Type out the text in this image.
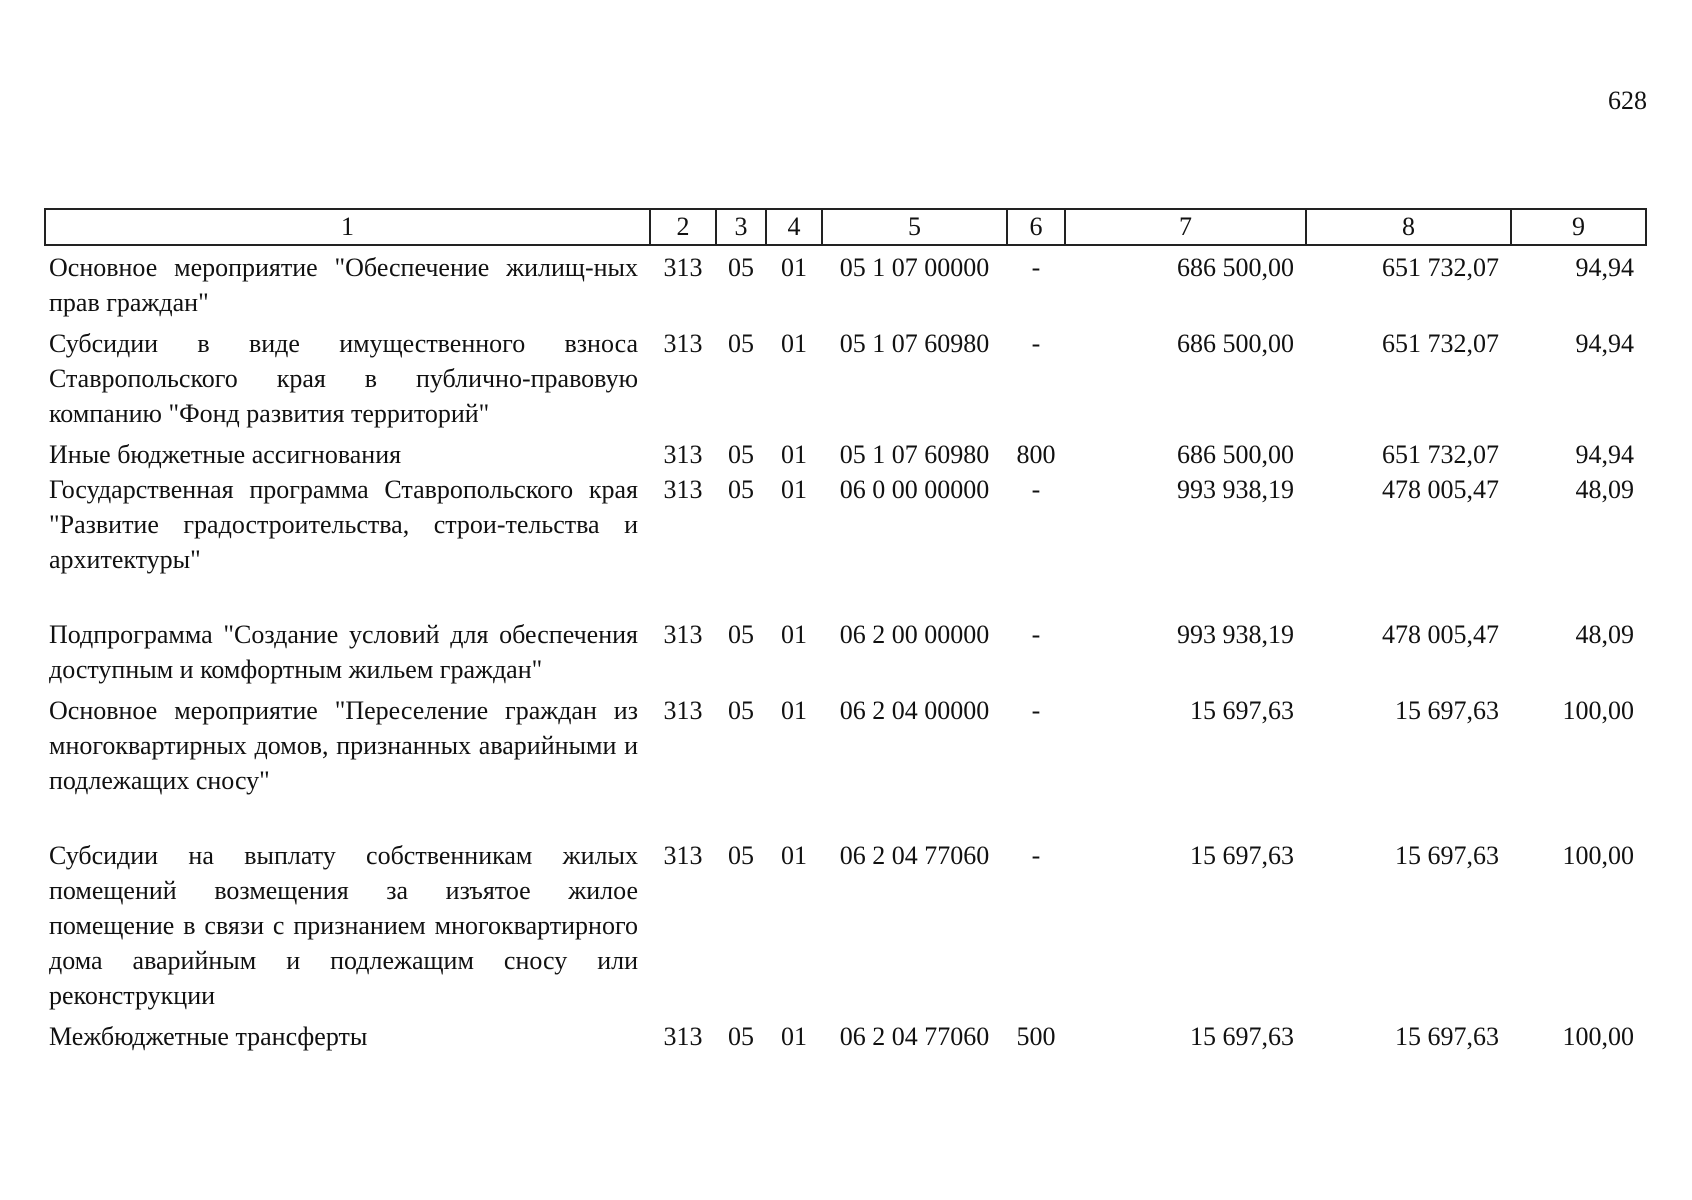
628
1	2	3	4	5	6	7	8	9
Основное мероприятие "Обеспечение жилищ-ных прав граждан"	313	05	01	05 1 07 00000	-	686 500,00	651 732,07	94,94
Субсидии в виде имущественного взноса Ставропольского края в публично-правовую компанию "Фонд развития территорий"	313	05	01	05 1 07 60980	-	686 500,00	651 732,07	94,94
Иные бюджетные ассигнования	313	05	01	05 1 07 60980	800	686 500,00	651 732,07	94,94
Государственная программа Ставропольского края "Развитие градостроительства, строи-тельства и архитектуры"	313	05	01	06 0 00 00000	-	993 938,19	478 005,47	48,09
Подпрограмма "Создание условий для обеспечения доступным и комфортным жильем граждан"	313	05	01	06 2 00 00000	-	993 938,19	478 005,47	48,09
Основное мероприятие "Переселение граждан из многоквартирных домов, признанных аварийными и подлежащих сносу"	313	05	01	06 2 04 00000	-	15 697,63	15 697,63	100,00
Субсидии на выплату собственникам жилых помещений возмещения за изъятое жилое помещение в связи с признанием многоквартирного дома аварийным и подлежащим сносу или реконструкции	313	05	01	06 2 04 77060	-	15 697,63	15 697,63	100,00
Межбюджетные трансферты	313	05	01	06 2 04 77060	500	15 697,63	15 697,63	100,00
